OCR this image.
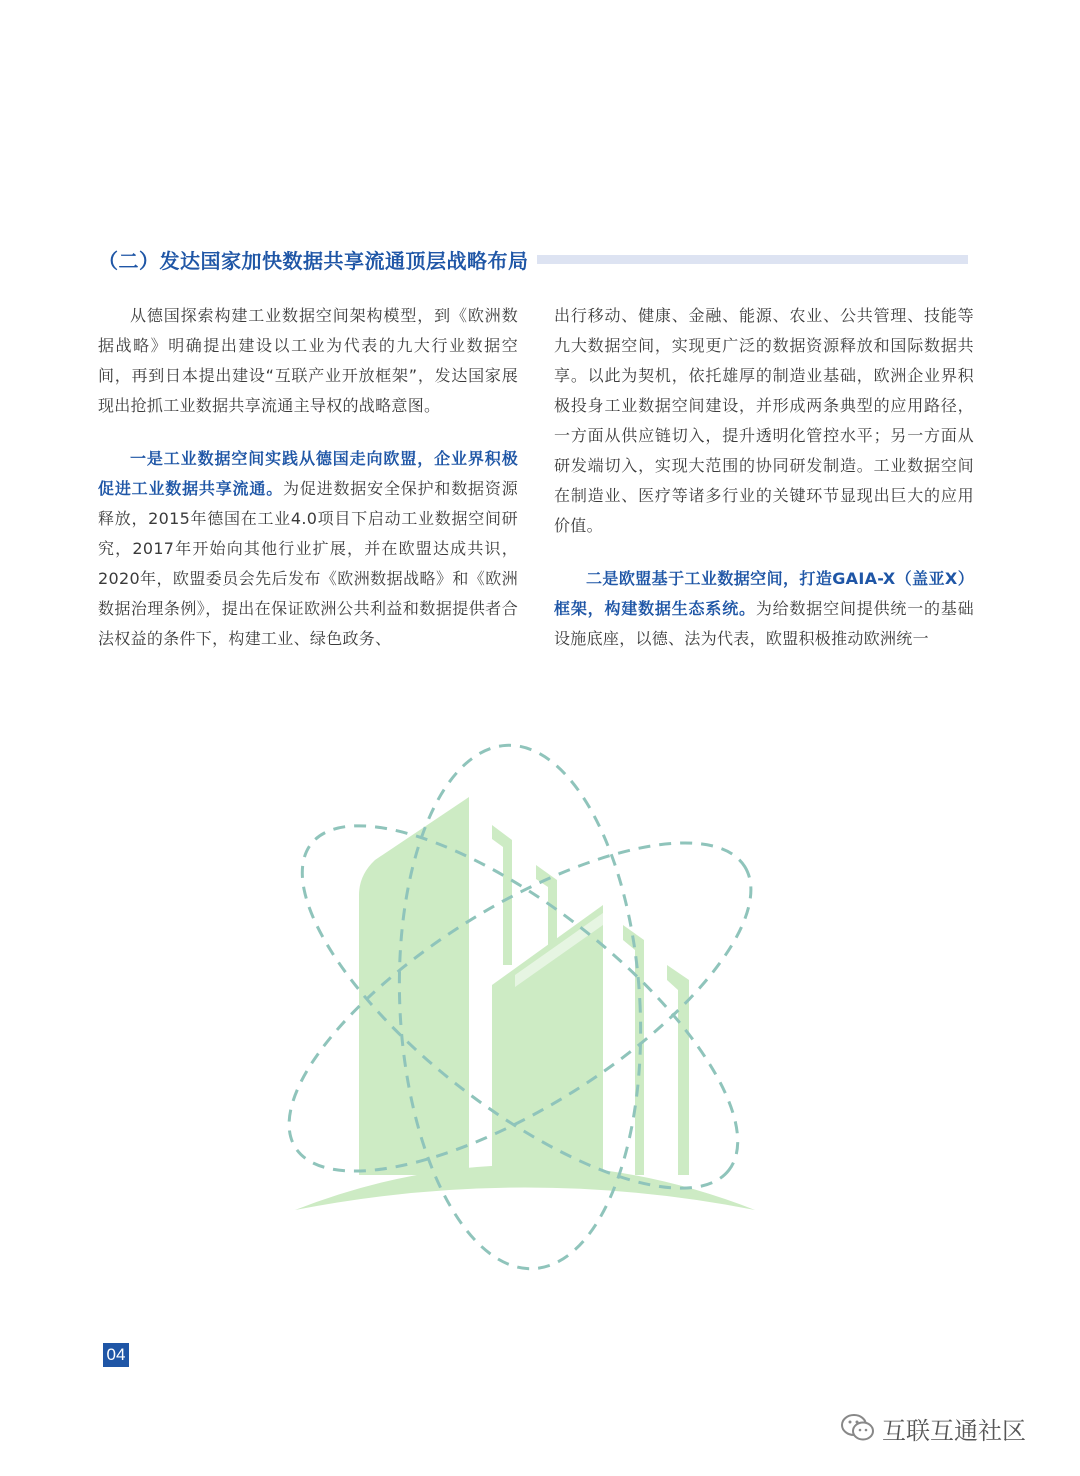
（二）发达国家加快数据共享流通顶层战略布局

从德国探索构建工业数据空间架构模型，到《欧洲数据战略》明确提出建设以工业为代表的九大行业数据空间，再到日本提出建设“互联产业开放框架”，发达国家展现出抢抓工业数据共享流通主导权的战略意图。

一是工业数据空间实践从德国走向欧盟，企业界积极促进工业数据共享流通。为促进数据安全保护和数据资源释放，2015年德国在工业4.0项目下启动工业数据空间研究，2017年开始向其他行业扩展，并在欧盟达成共识，2020年，欧盟委员会先后发布《欧洲数据战略》和《欧洲数据治理条例》，提出在保证欧洲公共利益和数据提供者合法权益的条件下，构建工业、绿色政务、

出行移动、健康、金融、能源、农业、公共管理、技能等九大数据空间，实现更广泛的数据资源释放和国际数据共享。以此为契机，依托雄厚的制造业基础，欧洲企业界积极投身工业数据空间建设，并形成两条典型的应用路径，一方面从供应链切入，提升透明化管控水平；另一方面从研发端切入，实现大范围的协同研发制造。工业数据空间在制造业、医疗等诸多行业的关键环节显现出巨大的应用价值。

二是欧盟基于工业数据空间，打造GAIA-X（盖亚X）框架，构建数据生态系统。为给数据空间提供统一的基础设施底座，以德、法为代表，欧盟积极推动欧洲统一

04
互联互通社区
